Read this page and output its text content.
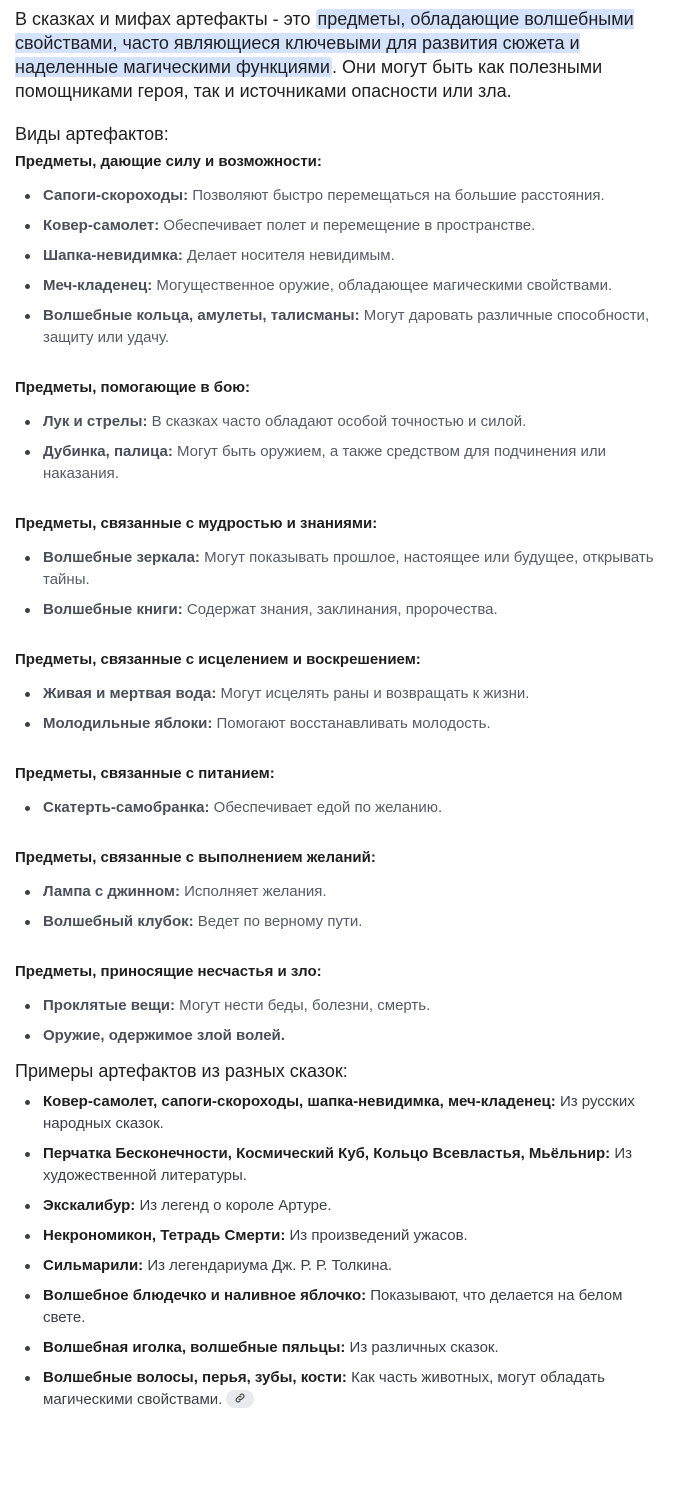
В сказках и мифах артефакты - это предметы, обладающие волшебными свойствами, часто являющиеся ключевыми для развития сюжета и наделенные магическими функциями . Они могут быть как полезными помощниками героя, так и источниками опасности или зла.

Виды артефактов:
Предметы, дающие силу и возможности:
Сапоги-скороходы: Позволяют быстро перемещаться на большие расстояния.
Ковер-самолет: Обеспечивает полет и перемещение в пространстве.
Шапка-невидимка: Делает носителя невидимым.
Меч-кладенец: Могущественное оружие, обладающее магическими свойствами.
Волшебные кольца, амулеты, талисманы: Могут даровать различные способности, защиту или удачу.
Предметы, помогающие в бою:
Лук и стрелы: В сказках часто обладают особой точностью и силой.
Дубинка, палица: Могут быть оружием, а также средством для подчинения или наказания.
Предметы, связанные с мудростью и знаниями:
Волшебные зеркала: Могут показывать прошлое, настоящее или будущее, открывать тайны.
Волшебные книги: Содержат знания, заклинания, пророчества.
Предметы, связанные с исцелением и воскрешением:
Живая и мертвая вода: Могут исцелять раны и возвращать к жизни.
Молодильные яблоки: Помогают восстанавливать молодость.
Предметы, связанные с питанием:
Скатерть-самобранка: Обеспечивает едой по желанию.
Предметы, связанные с выполнением желаний:
Лампа с джинном: Исполняет желания.
Волшебный клубок: Ведет по верному пути.
Предметы, приносящие несчастья и зло:
Проклятые вещи: Могут нести беды, болезни, смерть.
Оружие, одержимое злой волей.
Примеры артефактов из разных сказок:
Ковер-самолет, сапоги-скороходы, шапка-невидимка, меч-кладенец: Из русских народных сказок.
Перчатка Бесконечности, Космический Куб, Кольцо Всевластья, Мьёльнир: Из художественной литературы.
Экскалибур: Из легенд о короле Артуре.
Некрономикон, Тетрадь Смерти: Из произведений ужасов.
Сильмарили: Из легендариума Дж. Р. Р. Толкина.
Волшебное блюдечко и наливное яблочко: Показывают, что делается на белом свете.
Волшебная иголка, волшебные пяльцы: Из различных сказок.
Волшебные волосы, перья, зубы, кости: Как часть животных, могут обладать магическими свойствами.
